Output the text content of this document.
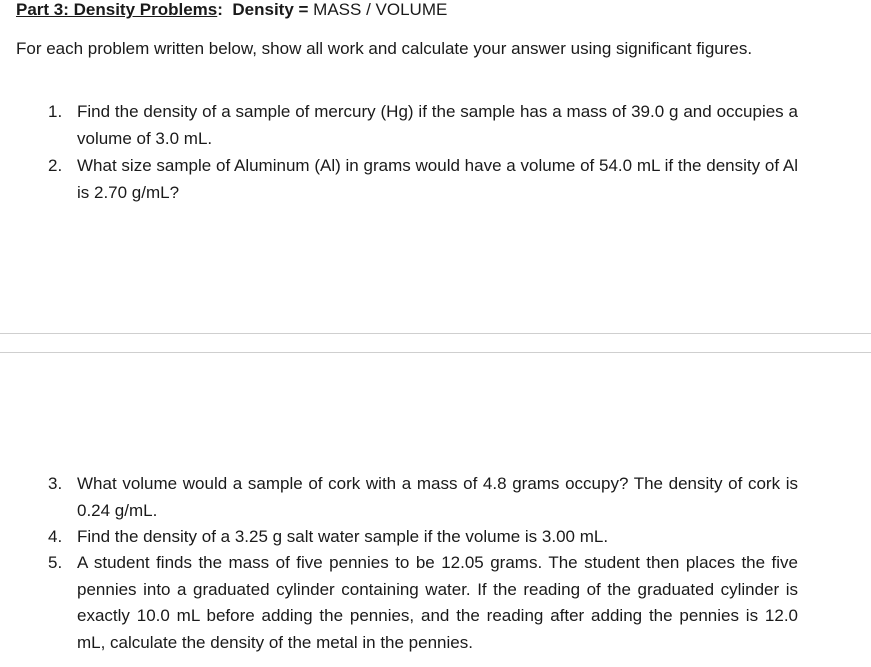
Part 3: Density Problems: Density = MASS / VOLUME
For each problem written below, show all work and calculate your answer using significant figures.
1. Find the density of a sample of mercury (Hg) if the sample has a mass of 39.0 g and occupies a volume of 3.0 mL.
2. What size sample of Aluminum (Al) in grams would have a volume of 54.0 mL if the density of Al is 2.70 g/mL?
3. What volume would a sample of cork with a mass of 4.8 grams occupy? The density of cork is 0.24 g/mL.
4. Find the density of a 3.25 g salt water sample if the volume is 3.00 mL.
5. A student finds the mass of five pennies to be 12.05 grams. The student then places the five pennies into a graduated cylinder containing water. If the reading of the graduated cylinder is exactly 10.0 mL before adding the pennies, and the reading after adding the pennies is 12.0 mL, calculate the density of the metal in the pennies.
